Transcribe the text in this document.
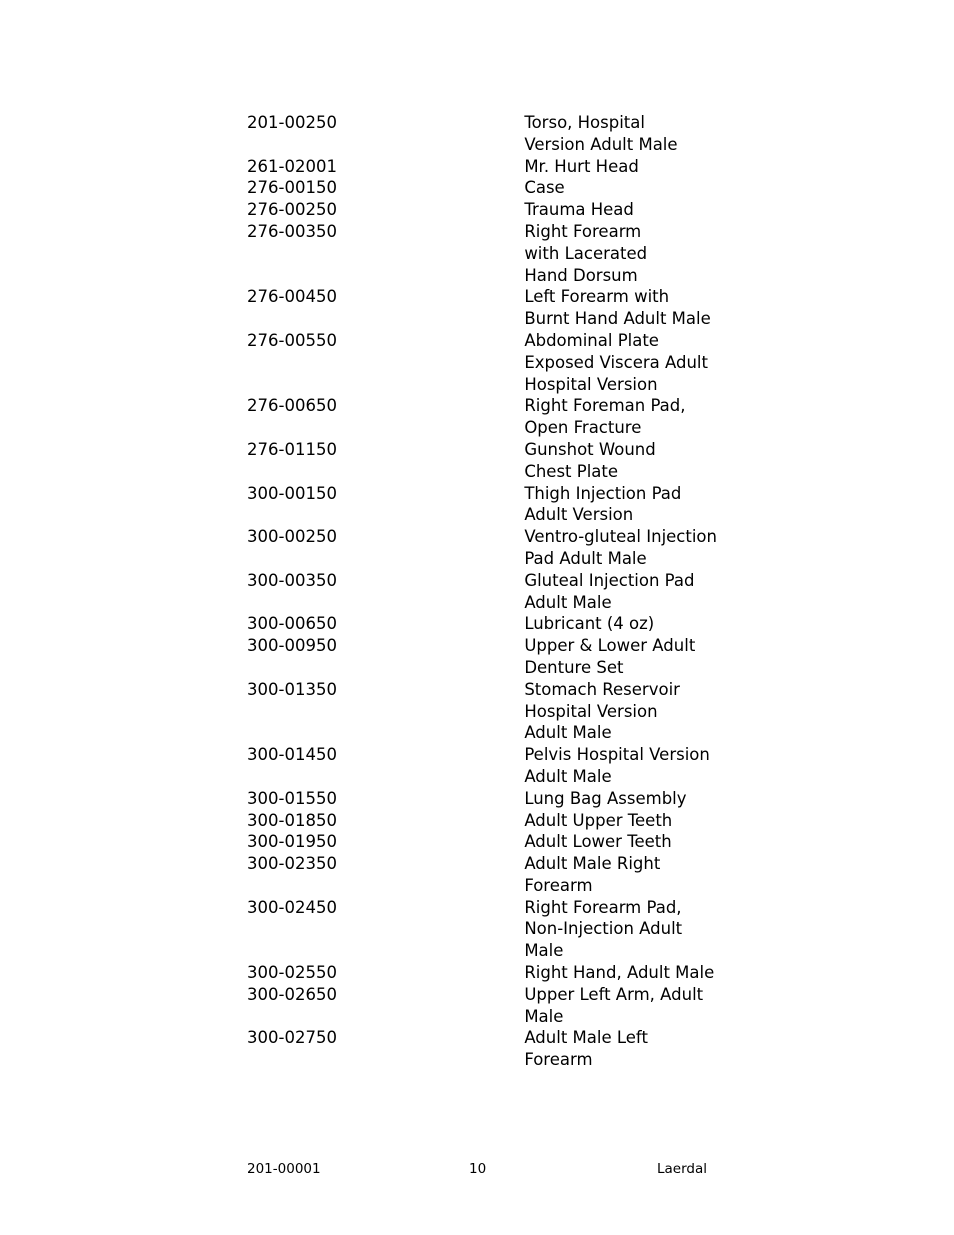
201-00250	Torso, Hospital
Version Adult Male

261-02001	Mr. Hurt Head

276-00150	Case

276-00250	Trauma Head

276-00350	Right Forearm
with Lacerated
Hand Dorsum

276-00450	Left Forearm with
Burnt Hand Adult Male

276-00550	Abdominal Plate
Exposed Viscera Adult
Hospital Version

276-00650	Right Foreman Pad,
Open Fracture

276-01150	Gunshot Wound
Chest Plate

300-00150	Thigh Injection Pad
Adult Version

300-00250	Ventro-gluteal Injection
Pad Adult Male

300-00350	Gluteal Injection Pad
Adult Male

300-00650	Lubricant (4 oz)

300-00950	Upper & Lower Adult
Denture Set

300-01350	Stomach Reservoir
Hospital Version
Adult Male

300-01450	Pelvis Hospital Version
Adult Male

300-01550	Lung Bag Assembly

300-01850	Adult Upper Teeth

300-01950	Adult Lower Teeth

300-02350	Adult Male Right
Forearm

300-02450	Right Forearm Pad,
Non-Injection Adult
Male

300-02550	Right Hand, Adult Male

300-02650	Upper Left Arm, Adult
Male

300-02750	Adult Male Left
Forearm
201-00001	10	Laerdal
